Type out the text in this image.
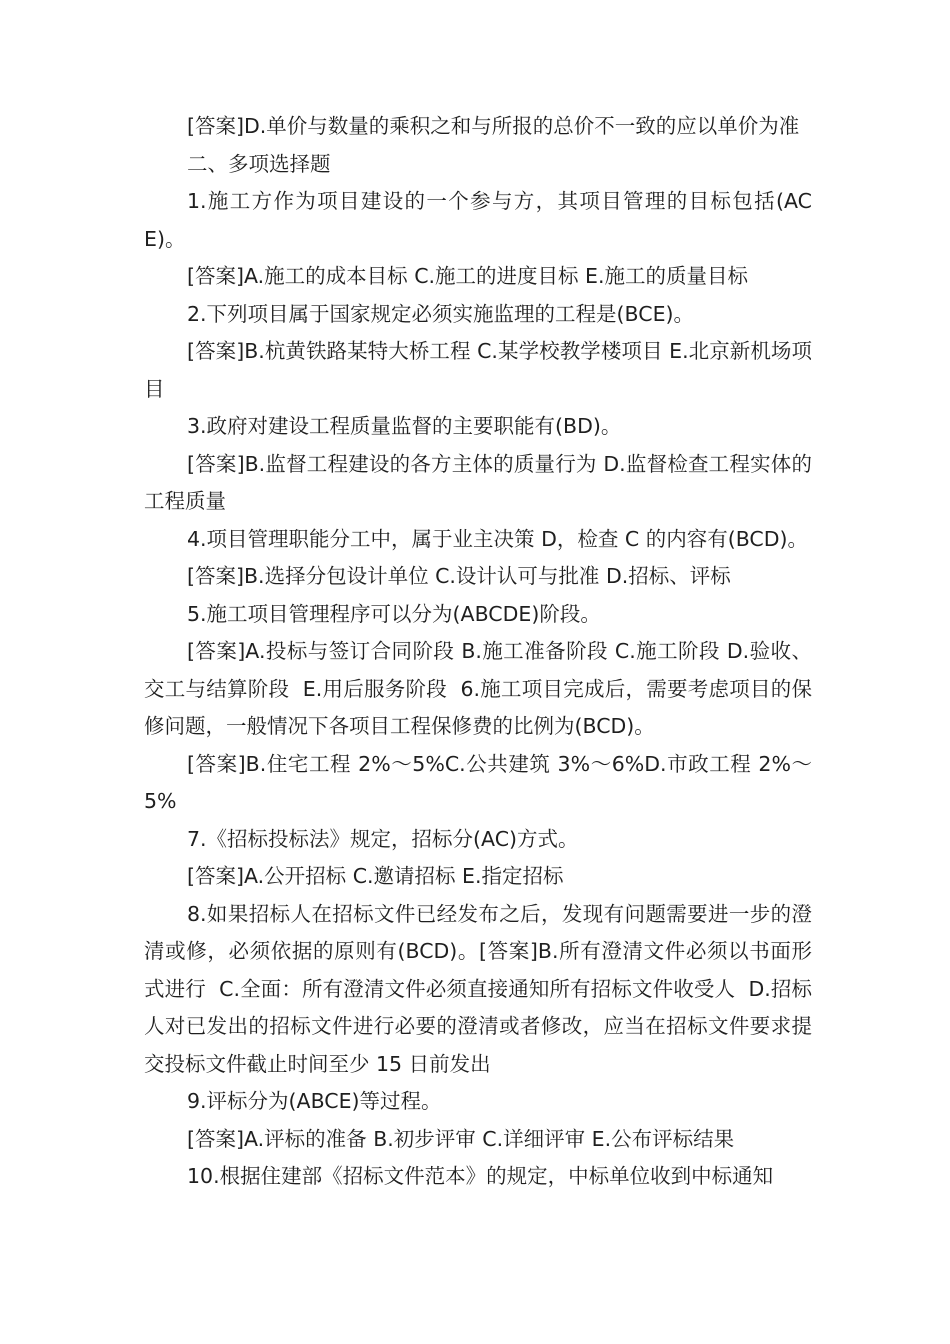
[答案]D.单价与数量的乘积之和与所报的总价不一致的应以单价为准

二、多项选择题

1.施工方作为项目建设的一个参与方，其项目管理的目标包括(ACE)。

[答案]A.施工的成本目标 C.施工的进度目标 E.施工的质量目标

2.下列项目属于国家规定必须实施监理的工程是(BCE)。

[答案]B.杭黄铁路某特大桥工程 C.某学校教学楼项目 E.北京新机场项目

3.政府对建设工程质量监督的主要职能有(BD)。

[答案]B.监督工程建设的各方主体的质量行为 D.监督检查工程实体的工程质量

4.项目管理职能分工中，属于业主决策 D，检查 C 的内容有(BCD)。

[答案]B.选择分包设计单位 C.设计认可与批准 D.招标、评标

5.施工项目管理程序可以分为(ABCDE)阶段。

[答案]A.投标与签订合同阶段 B.施工准备阶段 C.施工阶段 D.验收、交工与结算阶段  E.用后服务阶段  6.施工项目完成后，需要考虑项目的保修问题，一般情况下各项目工程保修费的比例为(BCD)。

[答案]B.住宅工程 2%～5%C.公共建筑 3%～6%D.市政工程 2%～5%

7.《招标投标法》规定，招标分(AC)方式。

[答案]A.公开招标 C.邀请招标 E.指定招标

8.如果招标人在招标文件已经发布之后，发现有问题需要进一步的澄清或修，必须依据的原则有(BCD)。[答案]B.所有澄清文件必须以书面形式进行  C.全面：所有澄清文件必须直接通知所有招标文件收受人  D.招标人对已发出的招标文件进行必要的澄清或者修改，应当在招标文件要求提交投标文件截止时间至少 15 日前发出

9.评标分为(ABCE)等过程。

[答案]A.评标的准备 B.初步评审 C.详细评审 E.公布评标结果

10.根据住建部《招标文件范本》的规定，中标单位收到中标通知
